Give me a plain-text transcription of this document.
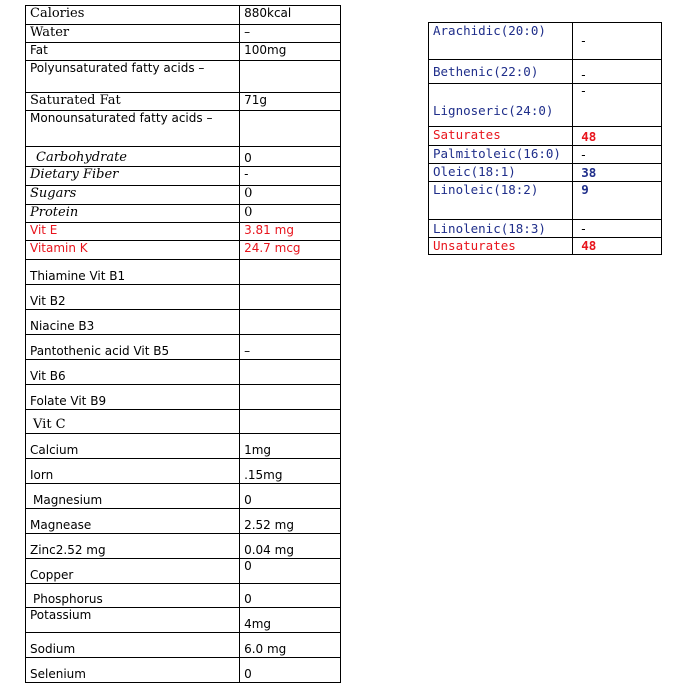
Calories	880kcal
Water	–
Fat	100mg
Polyunsaturated fatty acids –	
Saturated Fat	71g
Monounsaturated fatty acids –	
Carbohydrate	0
Dietary Fiber	-
Sugars	0
Protein	0
Vit E	3.81 mg
Vitamin K	24.7 mcg
Thiamine Vit B1	
Vit B2	
Niacine B3	
Pantothenic acid Vit B5	–
Vit B6	
Folate Vit B9	
Vit C	
Calcium	1mg
Iorn	.15mg
Magnesium	0
Magnease	2.52 mg
Zinc2.52 mg	0.04 mg
Copper	0
Phosphorus	0
Potassium	4mg
Sodium	6.0 mg
Selenium	0
Arachidic(20:0)	-
Bethenic(22:0)	-
Lignoseric(24:0)	-
Saturates	48
Palmitoleic(16:0)	-
Oleic(18:1)	38
Linoleic(18:2)	9
Linolenic(18:3)	-
Unsaturates	48
